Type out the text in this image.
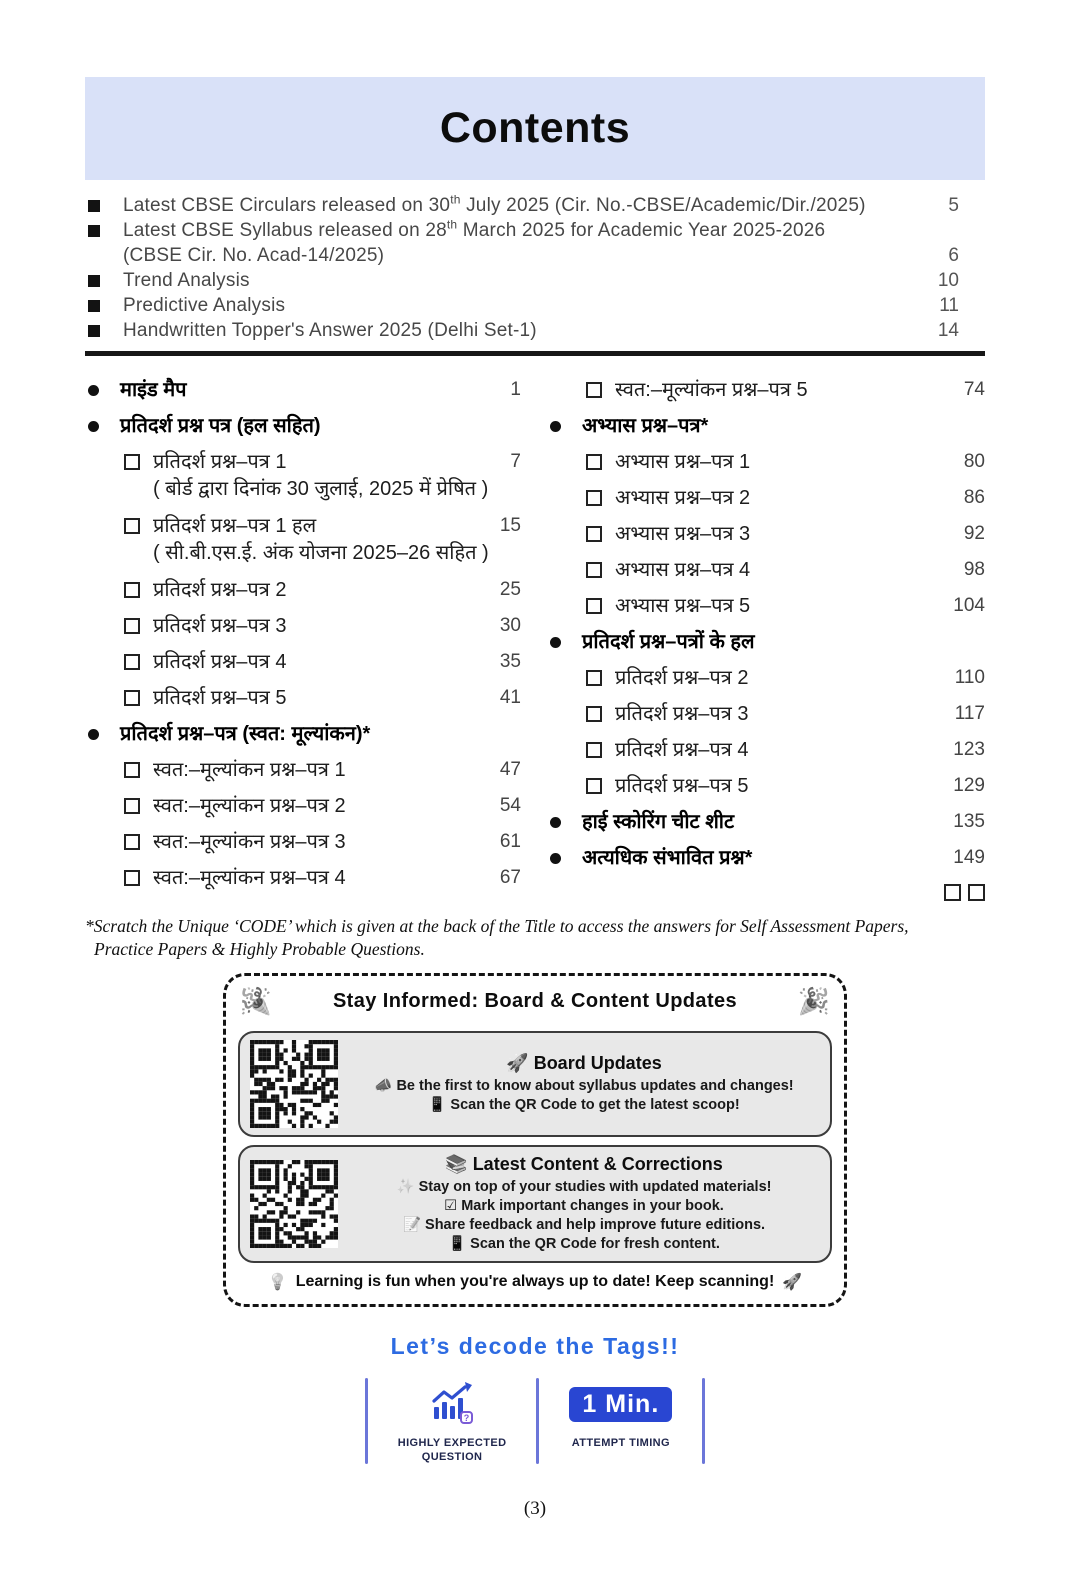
Contents
Latest CBSE Circulars released on 30th July 2025 (Cir. No.-CBSE/Academic/Dir./2025)	5
Latest CBSE Syllabus released on 28th March 2025 for Academic Year 2025-2026
(CBSE Cir. No. Acad-14/2025)	6
Trend Analysis	10
Predictive Analysis	11
Handwritten Topper's Answer 2025 (Delhi Set-1)	14
माइंड मैप	1
प्रतिदर्श प्रश्न पत्र (हल सहित)
प्रतिदर्श प्रश्न–पत्र 1	7
( बोर्ड द्वारा दिनांक 30 जुलाई, 2025 में प्रेषित )
प्रतिदर्श प्रश्न–पत्र 1 हल	15
( सी.बी.एस.ई. अंक योजना 2025–26 सहित )
प्रतिदर्श प्रश्न–पत्र 2	25
प्रतिदर्श प्रश्न–पत्र 3	30
प्रतिदर्श प्रश्न–पत्र 4	35
प्रतिदर्श प्रश्न–पत्र 5	41
प्रतिदर्श प्रश्न–पत्र (स्वत: मूल्यांकन)*
स्वत:–मूल्यांकन प्रश्न–पत्र 1	47
स्वत:–मूल्यांकन प्रश्न–पत्र 2	54
स्वत:–मूल्यांकन प्रश्न–पत्र 3	61
स्वत:–मूल्यांकन प्रश्न–पत्र 4	67
स्वत:–मूल्यांकन प्रश्न–पत्र 5	74
अभ्यास प्रश्न–पत्र*
अभ्यास प्रश्न–पत्र 1	80
अभ्यास प्रश्न–पत्र 2	86
अभ्यास प्रश्न–पत्र 3	92
अभ्यास प्रश्न–पत्र 4	98
अभ्यास प्रश्न–पत्र 5	104
प्रतिदर्श प्रश्न–पत्रों के हल
प्रतिदर्श प्रश्न–पत्र 2	110
प्रतिदर्श प्रश्न–पत्र 3	117
प्रतिदर्श प्रश्न–पत्र 4	123
प्रतिदर्श प्रश्न–पत्र 5	129
हाई स्कोरिंग चीट शीट	135
अत्यधिक संभावित प्रश्न*	149
*Scratch the Unique ‘CODE’ which is given at the back of the Title to access the answers for Self Assessment Papers,
Practice Papers & Highly Probable Questions.
🎉	Stay Informed: Board & Content Updates 🎉
🚀 Board Updates
📣 Be the first to know about syllabus updates and changes!
📱 Scan the QR Code to get the latest scoop!
📚 Latest Content & Corrections
✨ Stay on top of your studies with updated materials!
☑ Mark important changes in your book.
📝 Share feedback and help improve future editions.
📱 Scan the QR Code for fresh content.
💡 Learning is fun when you're always up to date! Keep scanning! 🚀
Let’s decode the Tags!!
?
HIGHLY EXPECTED
QUESTION
1 Min.
ATTEMPT TIMING
(3)
